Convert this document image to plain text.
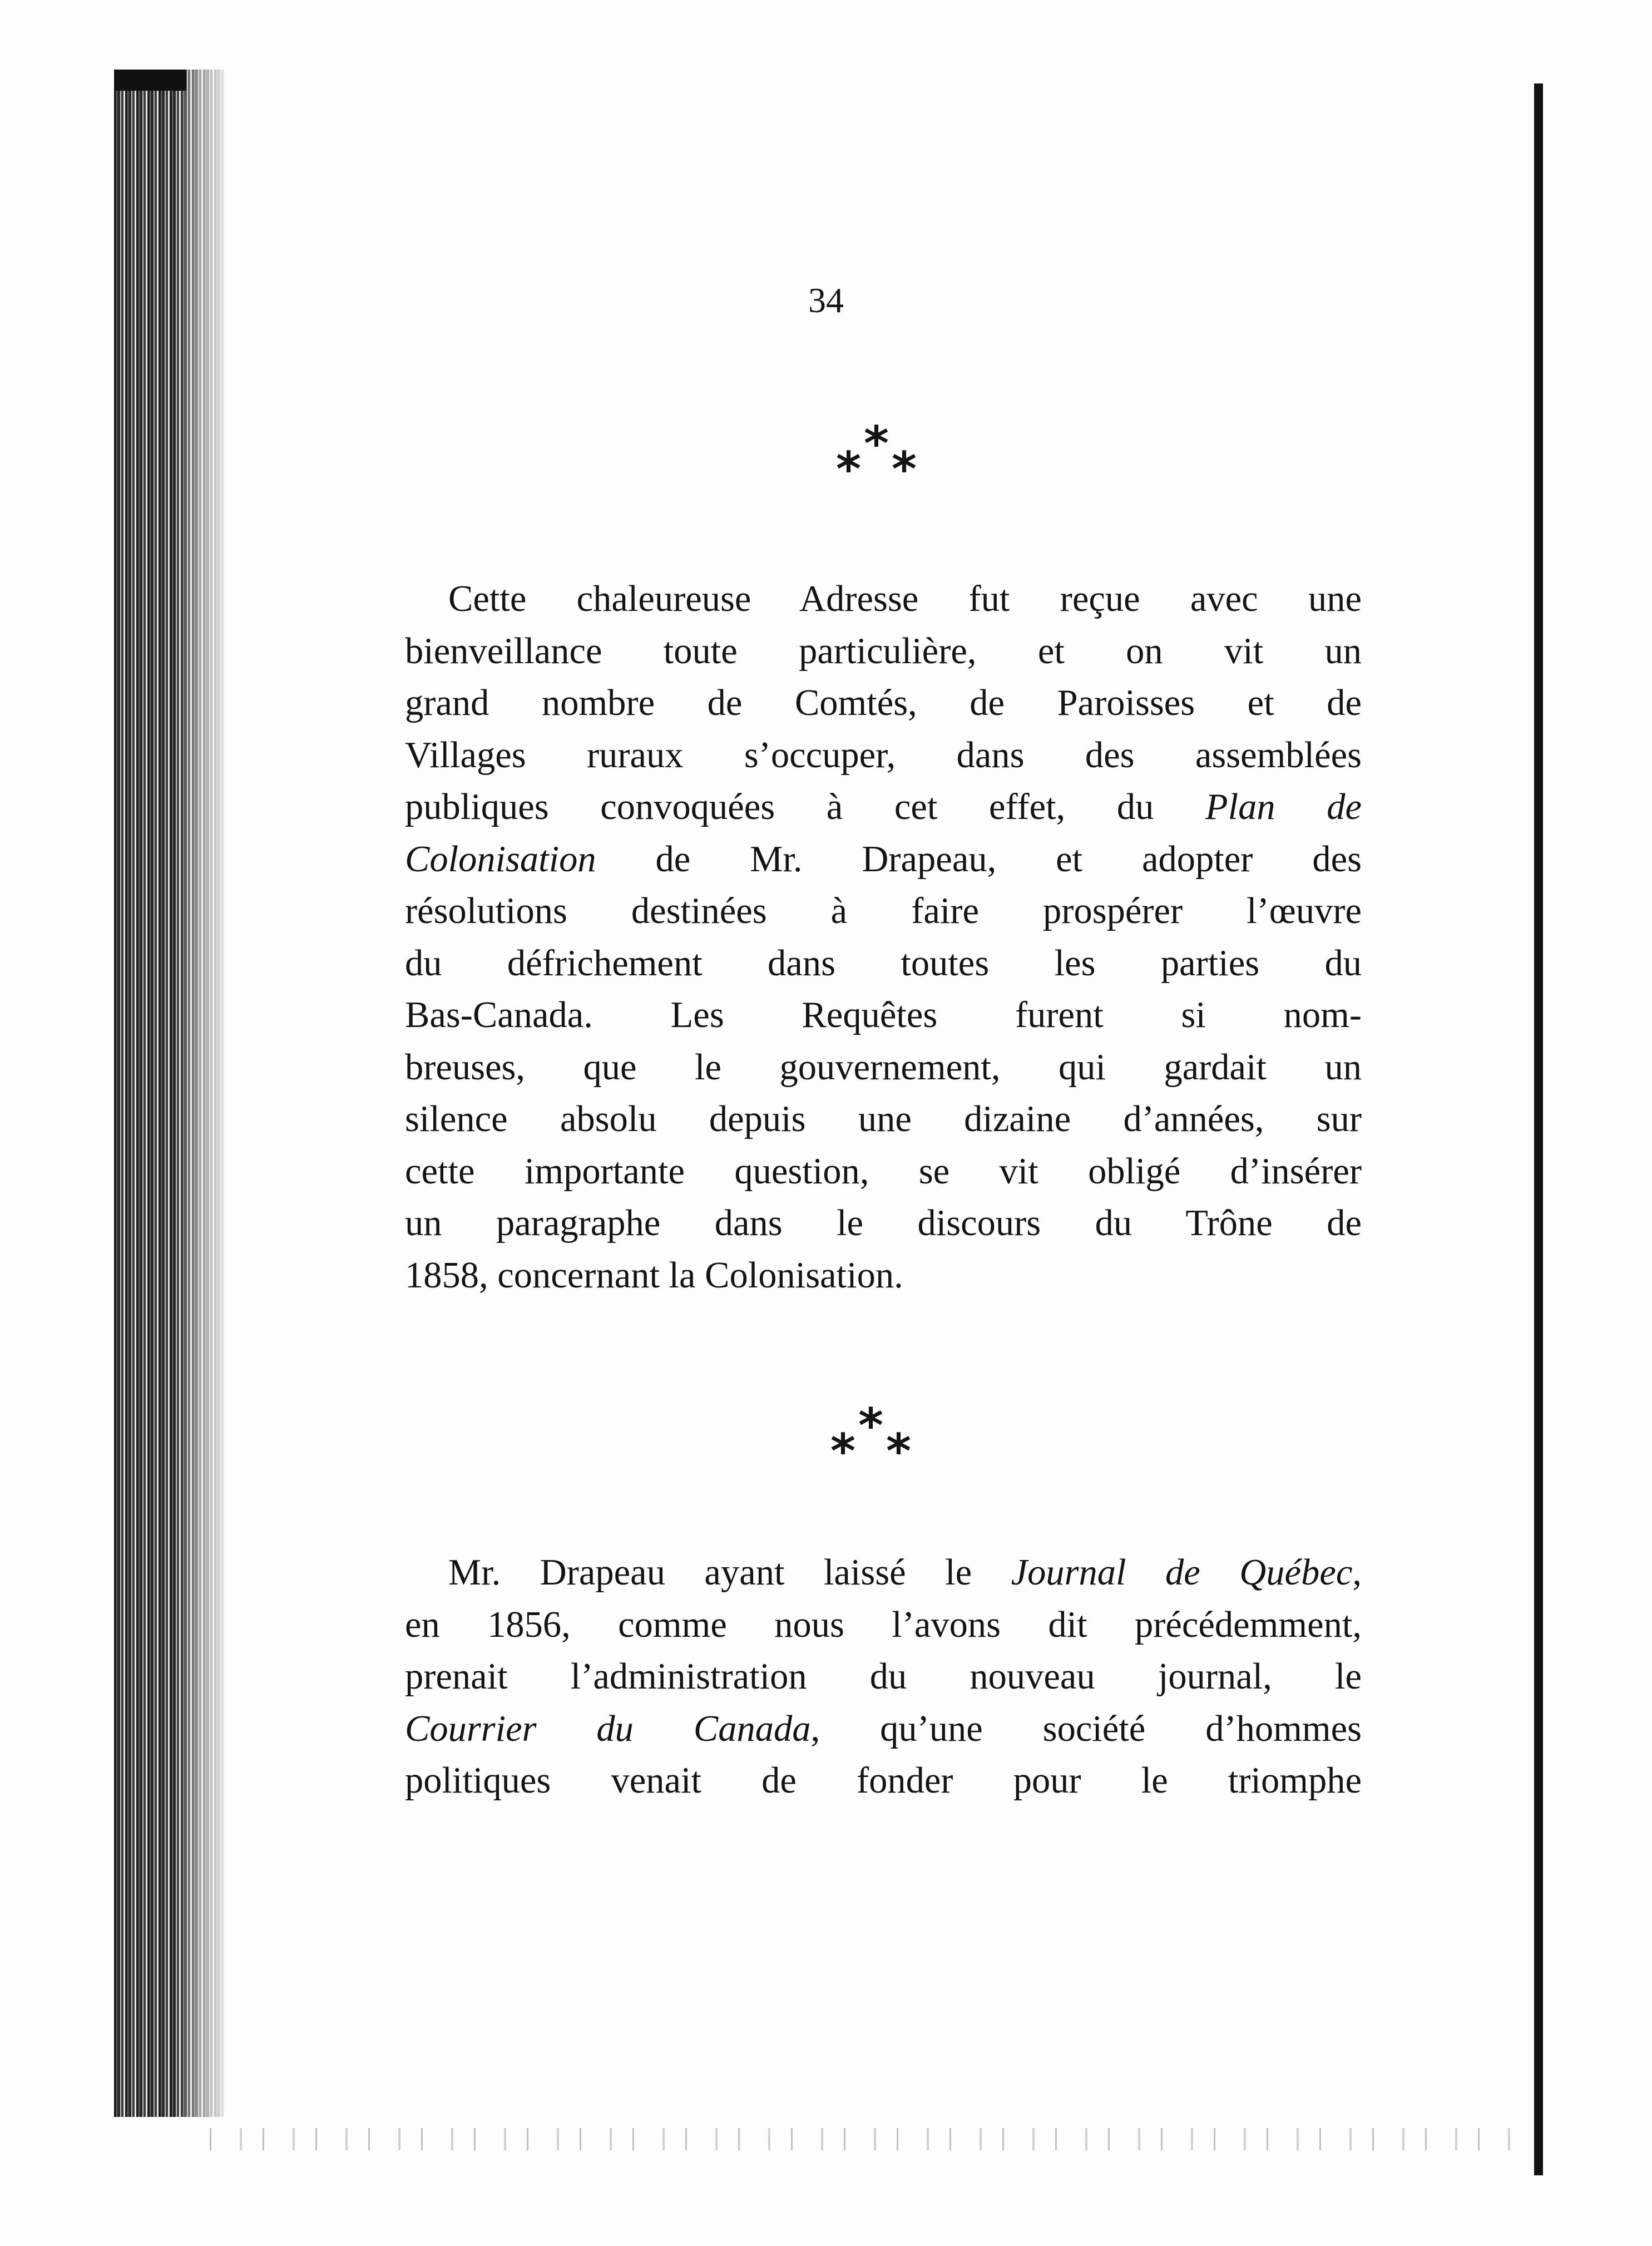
34
*
* *
Cette chaleureuse Adresse fut reçue avec une
bienveillance toute particulière, et on vit un
grand nombre de Comtés, de Paroisses et de
Villages ruraux s’occuper, dans des assemblées
publiques convoquées à cet effet, du Plan de
Colonisation de Mr. Drapeau, et adopter des
résolutions destinées à faire prospérer l’œuvre
du défrichement dans toutes les parties du
Bas-Canada. Les Requêtes furent si nom-
breuses, que le gouvernement, qui gardait un
silence absolu depuis une dizaine d’années, sur
cette importante question, se vit obligé d’insérer
un paragraphe dans le discours du Trône de
1858, concernant la Colonisation.
*
* *
Mr. Drapeau ayant laissé le Journal de Québec,
en 1856, comme nous l’avons dit précédemment,
prenait l’administration du nouveau journal, le
Courrier du Canada, qu’une société d’hommes
politiques venait de fonder pour le triomphe
